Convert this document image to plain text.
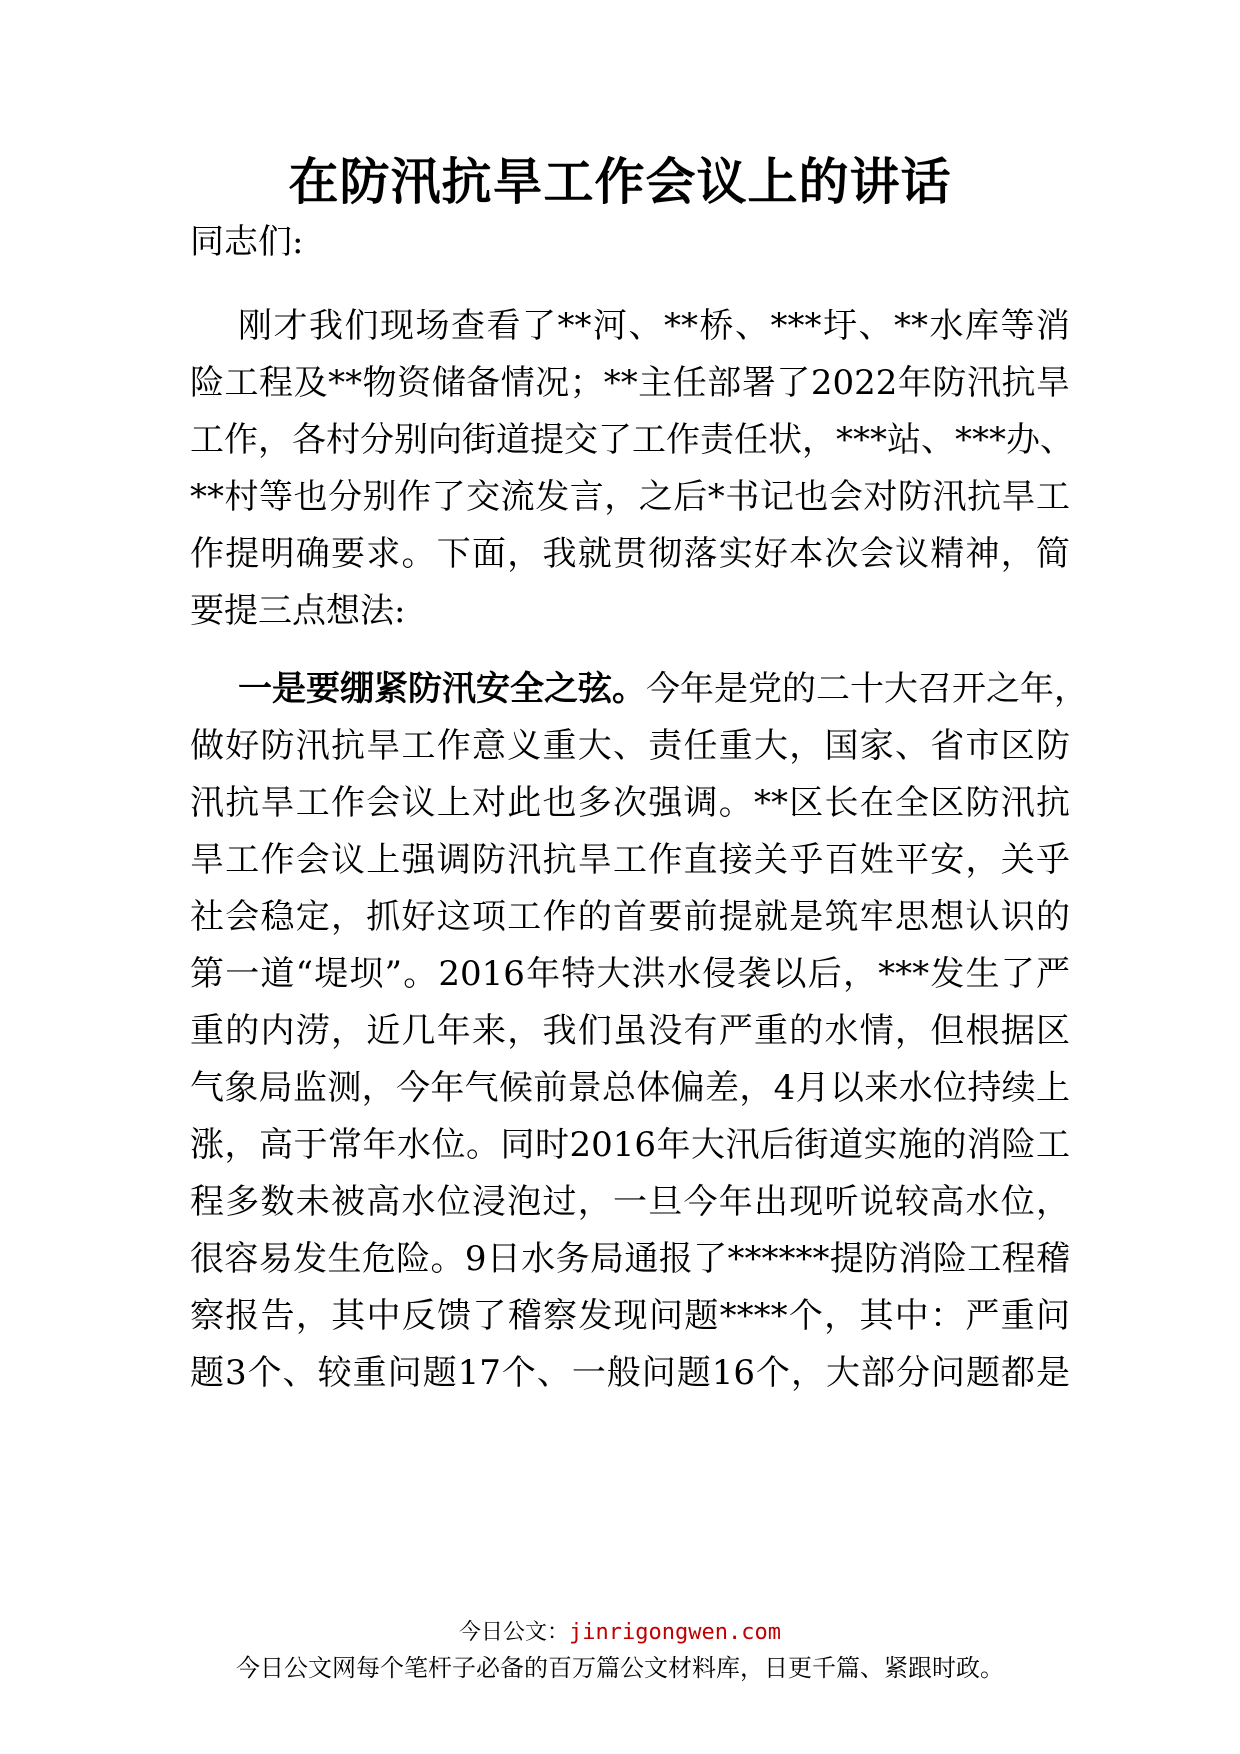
在防汛抗旱工作会议上的讲话
同志们:
刚才我们现场查看了**河、**桥、***圩、**水库等消
险工程及**物资储备情况；**主任部署了2022年防汛抗旱
工作，各村分别向街道提交了工作责任状，***站、***办、
**村等也分别作了交流发言，之后*书记也会对防汛抗旱工
作提明确要求。下面，我就贯彻落实好本次会议精神，简
要提三点想法:
一是要绷紧防汛安全之弦。今年是党的二十大召开之年，
做好防汛抗旱工作意义重大、责任重大，国家、省市区防
汛抗旱工作会议上对此也多次强调。**区长在全区防汛抗
旱工作会议上强调防汛抗旱工作直接关乎百姓平安，关乎
社会稳定，抓好这项工作的首要前提就是筑牢思想认识的
第一道“堤坝”。2016年特大洪水侵袭以后，***发生了严
重的内涝，近几年来，我们虽没有严重的水情，但根据区
气象局监测，今年气候前景总体偏差，4月以来水位持续上
涨，高于常年水位。同时2016年大汛后街道实施的消险工
程多数未被高水位浸泡过，一旦今年出现听说较高水位，
很容易发生危险。9日水务局通报了******提防消险工程稽
察报告，其中反馈了稽察发现问题****个，其中：严重问
题3个、较重问题17个、一般问题16个，大部分问题都是
今日公文：jinrigongwen.com
今日公文网每个笔杆子必备的百万篇公文材料库，日更千篇、紧跟时政。
